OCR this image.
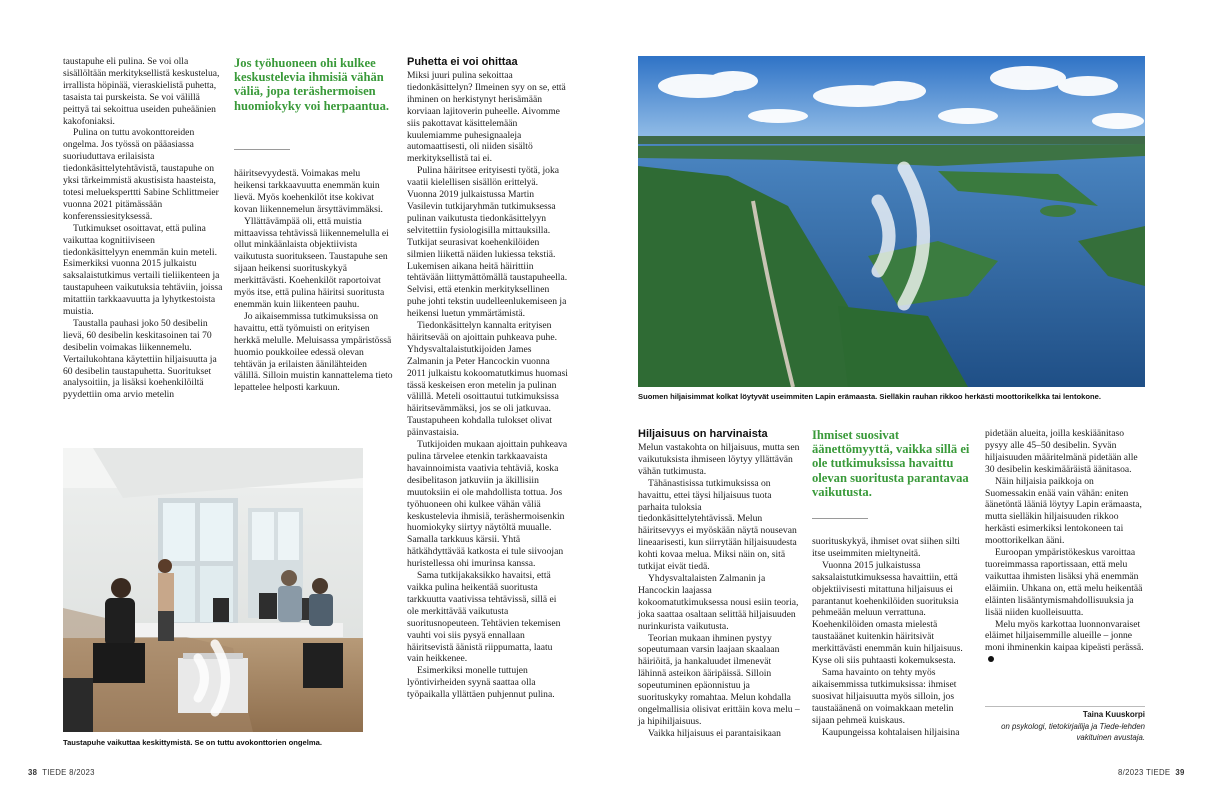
taustapuhe eli pulina. Se voi olla sisällöltään merkityksellistä keskustelua, irrallista höpinää, vieraskielistä puhetta, tasaista tai purskeista. Se voi välillä peittyä tai sekoittua useiden puheäänien kakofoniaksi.

Pulina on tuttu avokonttoreiden ongelma. Jos työssä on pääasiassa suoriuduttava erilaisista tiedonkäsittelytehtävistä, taustapuhe on yksi tärkeimmistä akustisista haasteista, totesi melueksperttti Sabine Schlittmeier vuonna 2021 pitämässään konferenssiesityksessä.

Tutkimukset osoittavat, että pulina vaikuttaa kognitiiviseen tiedonkäsittelyyn enemmän kuin meteli. Esimerkiksi vuonna 2015 julkaistu saksalaistutkimus vertaili tieliikenteen ja taustapuheen vaikutuksia tehtäviin, joissa mitattiin tarkkaavuutta ja lyhytkestoista muistia.

Taustalla pauhasi joko 50 desibelin lievä, 60 desibelin keskitasoinen tai 70 desibelin voimakas liikennemelu. Vertailukohtana käytettiin hiljaisuutta ja 60 desibelin taustapuhetta. Suoritukset analysoitiin, ja lisäksi koehenkilöiltä pyydettiin oma arvio metelin

Jos työhuoneen ohi kulkee keskustelevia ihmisiä vähän väliä, jopa teräshermoisen huomiokyky voi herpaantua.

häiritsevyydestä. Voimakas melu heikensi tarkkaavuutta enemmän kuin lievä. Myös koehenkilöt itse kokivat kovan liikennemelun ärsyttävimmäksi.

Yllättävämpää oli, että muistia mittaavissa tehtävissä liikennemelulla ei ollut minkäänlaista objektiivista vaikutusta suoritukseen. Taustapuhe sen sijaan heikensi suorituskykyä merkittävästi. Koehenkilöt raportoivat myös itse, että pulina häiritsi suoritusta enemmän kuin liikenteen pauhu.

Jo aikaisemmissa tutkimuksissa on havaittu, että työmuisti on erityisen herkkä melulle. Meluisassa ympäristössä huomio poukkoilee edessä olevan tehtävän ja erilaisten äänilähteiden välillä. Silloin muistin kannattelema tieto lepattelee helposti karkuun.

Puhetta ei voi ohittaa

Miksi juuri pulina sekoittaa tiedonkäsittelyn? Ilmeinen syy on se, että ihminen on herkistynyt herisämään korviaan lajitoverin puheelle. Aivomme siis pakottavat käsittelemään kuulemiamme puhesignaaleja automaattisesti, oli niiden sisältö merkityksellistä tai ei.

Pulina häiritsee erityisesti työtä, joka vaatii kielellisen sisällön erittelyä. Vuonna 2019 julkaistussa Martin Vasilevin tutkijaryhmän tutkimuksessa pulinan vaikutusta tiedonkäsittelyyn selvitettiin fysiologisilla mittauksilla. Tutkijat seurasivat koehenkilöiden silmien liikettä näiden lukiessa tekstiä. Lukemisen aikana heitä häirittiin tehtävään liittymättömällä taustapuheella. Selvisi, että etenkin merkityksellinen puhe johti tekstin uudelleenlukemiseen ja heikensi luetun ymmärtämistä.

Tiedonkäsittelyn kannalta erityisen häiritsevää on ajoittain puhkeava puhe. Yhdysvaltalaistutkijoiden James Zalmanin ja Peter Hancockin vuonna 2011 julkaistu kokoomatutkimus huomasi tässä keskeisen eron metelin ja pulinan välillä. Meteli osoittautui tutkimuksissa häiritsevämmäksi, jos se oli jatkuvaa. Taustapuheen kohdalla tulokset olivat päinvastaisia.

Tutkijoiden mukaan ajoittain puhkeava pulina tärvelee etenkin tarkkaavaista havainnoimista vaativia tehtäviä, koska desibelitason jatkuviin ja äkillisiin muutoksiin ei ole mahdollista tottua. Jos työhuoneen ohi kulkee vähän väliä keskustelevia ihmisiä, teräshermoisenkin huomiokyky siirtyy näytöltä muualle. Samalla tarkkuus kärsii. Yhtä hätkähdyttävää katkosta ei tule siivoojan huristellessa ohi imurinsa kanssa.

Sama tutkijakaksikko havaitsi, että vaikka pulina heikentää suoritusta tarkkuutta vaativissa tehtävissä, sillä ei ole merkittävää vaikutusta suoritusnopeuteen. Tehtävien tekemisen vauhti voi siis pysyä ennallaan häiritsevistä äänistä riippumatta, laatu vain heikkenee.

Esimerkiksi monelle tuttujen lyöntivirheiden syynä saattaa olla työpaikalla yllättäen puhjennut pulina.

Taustapuhe vaikuttaa keskittymistä. Se on tuttu avokonttorien ongelma.
38 TIEDE 8/2023
Suomen hiljaisimmat kolkat löytyvät useimmiten Lapin erämaasta. Sielläkin rauhan rikkoo herkästi moottorikelkka tai lentokone.
Hiljaisuus on harvinaista

Melun vastakohta on hiljaisuus, mutta sen vaikutuksista ihmiseen löytyy yllättävän vähän tutkimusta.

Tähänastisissa tutkimuksissa on havaittu, ettei täysi hiljaisuus tuota parhaita tuloksia tiedonkäsittelytehtävissä. Melun häiritsevyys ei myöskään näytä nousevan lineaarisesti, kun siirrytään hiljaisuudesta kohti kovaa melua. Miksi näin on, sitä tutkijat eivät tiedä.

Yhdysvaltalaisten Zalmanin ja Hancockin laajassa kokoomatutkimuksessa nousi esiin teoria, joka saattaa osaltaan selittää hiljaisuuden nurinkurista vaikutusta.

Teorian mukaan ihminen pystyy sopeutumaan varsin laajaan skaalaan häiriöitä, ja hankaluudet ilmenevät lähinnä asteikon ääripäissä. Silloin sopeutuminen epäonnistuu ja suorituskyky romahtaa. Melun kohdalla ongelmallisia olisivat erittäin kova melu – ja hipihiljaisuus.

Vaikka hiljaisuus ei parantaisikaan

Ihmiset suosivat äänettömyyttä, vaikka sillä ei ole tutkimuksissa havaittu olevan suoritusta parantavaa vaikutusta.

suorituskykyä, ihmiset ovat siihen silti itse useimmiten mieltyneitä.

Vuonna 2015 julkaistussa saksalaistutkimuksessa havaittiin, että objektiivisesti mitattuna hiljaisuus ei parantanut koehenkilöiden suorituksia pehmeään meluun verrattuna. Koehenkilöiden omasta mielestä taustaäänet kuitenkin häiritsivät merkittävästi enemmän kuin hiljaisuus. Kyse oli siis puhtaasti kokemuksesta.

Sama havainto on tehty myös aikaisemmissa tutkimuksissa: ihmiset suosivat hiljaisuutta myös silloin, jos taustaäänenä on voimakkaan metelin sijaan pehmeä kuiskaus.

Kaupungeissa kohtalaisen hiljaisina

pidetään alueita, joilla keskiäänitaso pysyy alle 45–50 desibelin. Syvän hiljaisuuden määritelmänä pidetään alle 30 desibelin keskimääräistä äänitasoa.

Näin hiljaisia paikkoja on Suomessakin enää vain vähän: eniten äänetöntä lääniä löytyy Lapin erämaasta, mutta sielläkin hiljaisuuden rikkoo herkästi esimerkiksi lentokoneen tai moottorikelkan ääni.

Euroopan ympäristökeskus varoittaa tuoreimmassa raportissaan, että melu vaikuttaa ihmisten lisäksi yhä enemmän eläimiin. Uhkana on, että melu heikentää eläinten lisääntymismahdollisuuksia ja lisää niiden kuolleisuutta.

Melu myös karkottaa luonnonvaraiset eläimet hiljaisemmille alueille – jonne moni ihminenkin kaipaa kipeästi perässä.

Taina Kuuskorpi
on psykologi, tietokirjailija ja Tiede-lehden vakituinen avustaja.
8/2023 TIEDE 39
